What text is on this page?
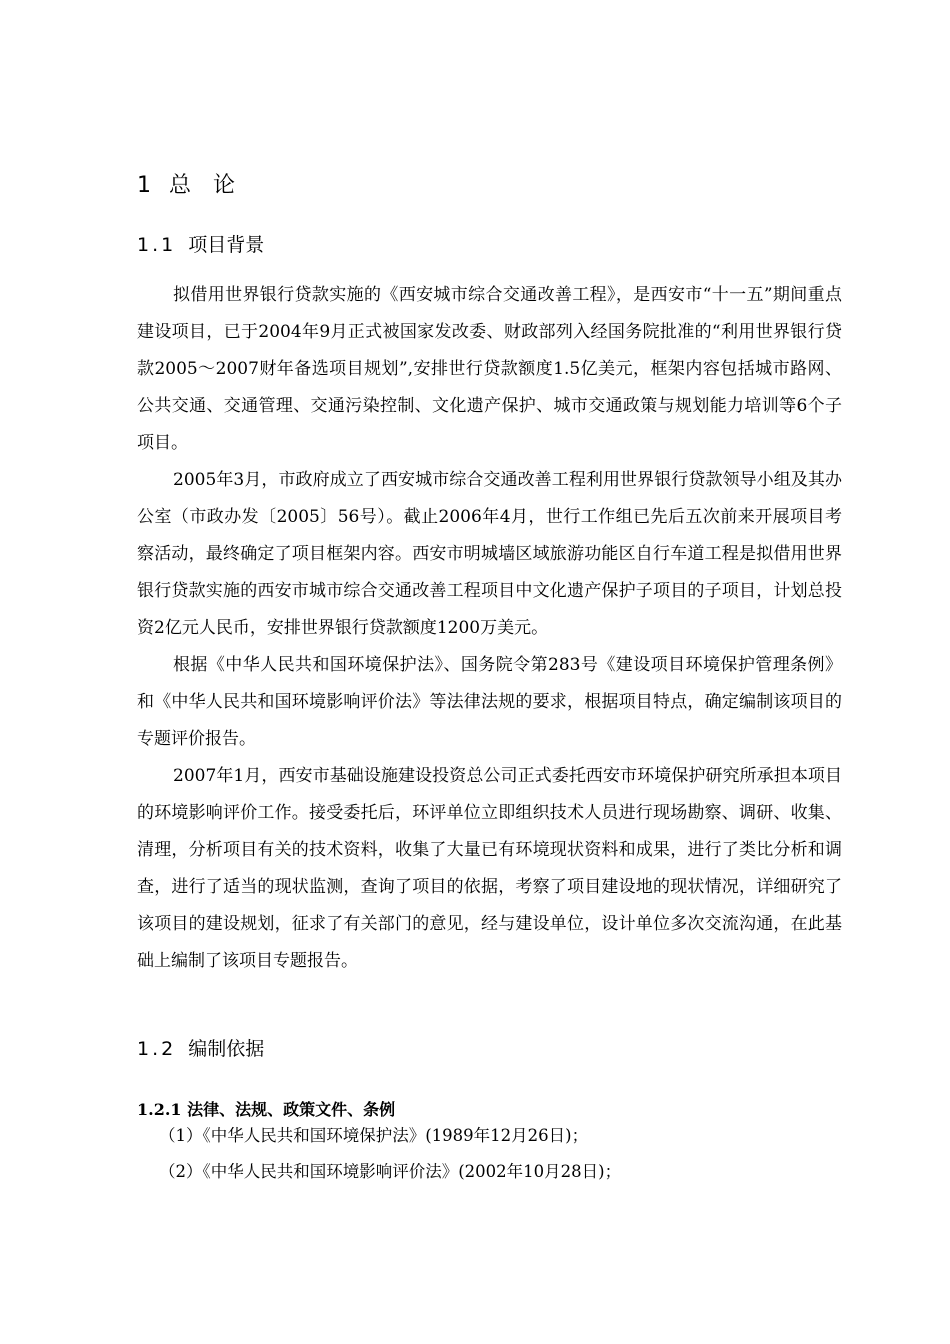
1 总论
1.1 项目背景

拟借用世界银行贷款实施的《西安城市综合交通改善工程》，是西安市“十一五”期间重点建设项目，已于2004年9月正式被国家发改委、财政部列入经国务院批准的“利用世界银行贷款2005～2007财年备选项目规划”,安排世行贷款额度1.5亿美元，框架内容包括城市路网、公共交通、交通管理、交通污染控制、文化遗产保护、城市交通政策与规划能力培训等6个子项目。

2005年3月，市政府成立了西安城市综合交通改善工程利用世界银行贷款领导小组及其办公室（市政办发〔2005〕56号）。截止2006年4月，世行工作组已先后五次前来开展项目考察活动，最终确定了项目框架内容。西安市明城墙区域旅游功能区自行车道工程是拟借用世界银行贷款实施的西安市城市综合交通改善工程项目中文化遗产保护子项目的子项目，计划总投资2亿元人民币，安排世界银行贷款额度1200万美元。

根据《中华人民共和国环境保护法》、国务院令第283号《建设项目环境保护管理条例》和《中华人民共和国环境影响评价法》等法律法规的要求，根据项目特点，确定编制该项目的专题评价报告。

2007年1月，西安市基础设施建设投资总公司正式委托西安市环境保护研究所承担本项目的环境影响评价工作。接受委托后，环评单位立即组织技术人员进行现场勘察、调研、收集、清理，分析项目有关的技术资料，收集了大量已有环境现状资料和成果，进行了类比分析和调查，进行了适当的现状监测，查询了项目的依据，考察了项目建设地的现状情况，详细研究了该项目的建设规划，征求了有关部门的意见，经与建设单位，设计单位多次交流沟通，在此基础上编制了该项目专题报告。

1.2 编制依据
1.2.1 法律、法规、政策文件、条例
（1）《中华人民共和国环境保护法》(1989年12月26日)；
（2）《中华人民共和国环境影响评价法》(2002年10月28日)；
